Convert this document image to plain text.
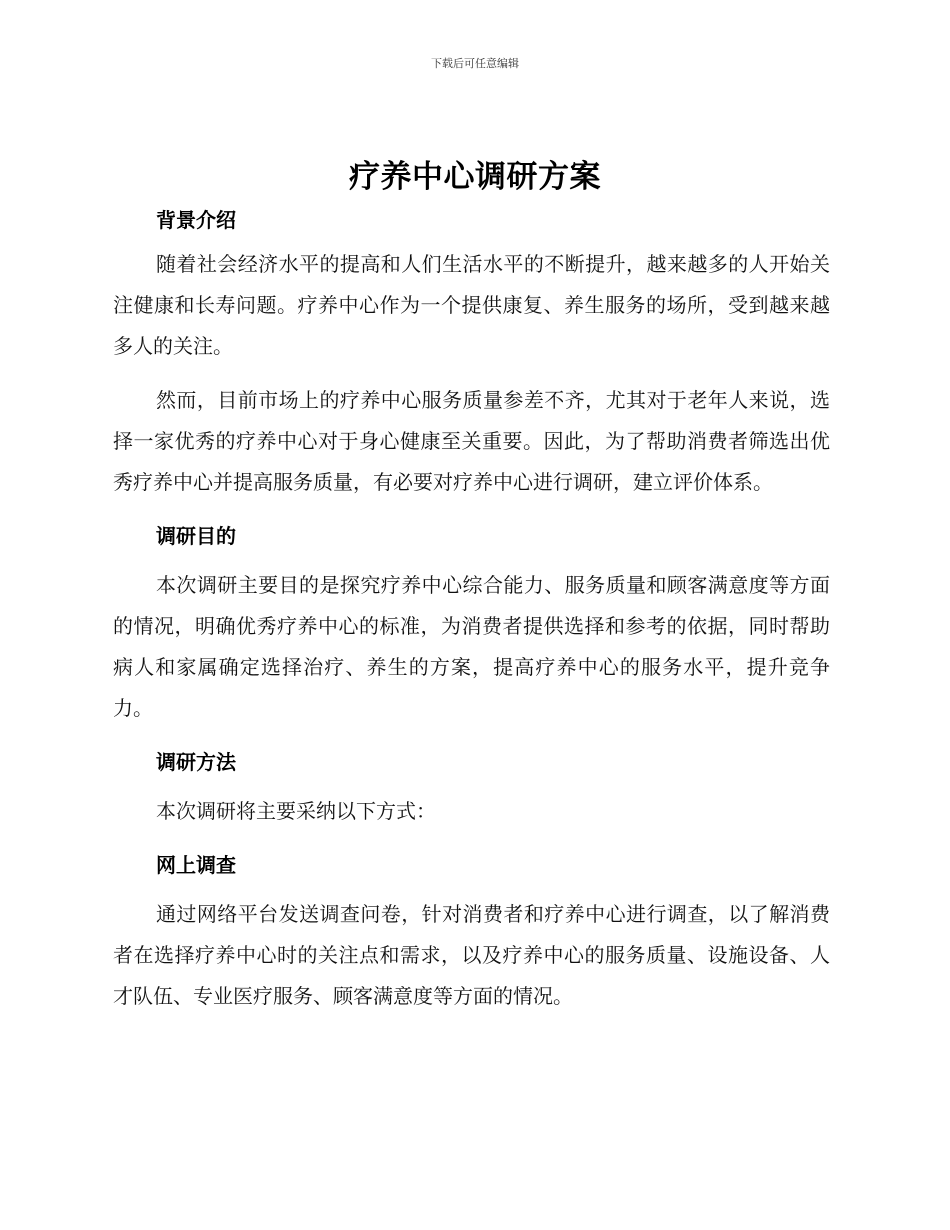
下载后可任意编辑
疗养中心调研方案
背景介绍
随着社会经济水平的提高和人们生活水平的不断提升，越来越多的人开始关注健康和长寿问题。疗养中心作为一个提供康复、养生服务的场所，受到越来越多人的关注。
然而，目前市场上的疗养中心服务质量参差不齐，尤其对于老年人来说，选择一家优秀的疗养中心对于身心健康至关重要。因此，为了帮助消费者筛选出优秀疗养中心并提高服务质量，有必要对疗养中心进行调研，建立评价体系。
调研目的
本次调研主要目的是探究疗养中心综合能力、服务质量和顾客满意度等方面的情况，明确优秀疗养中心的标准，为消费者提供选择和参考的依据，同时帮助病人和家属确定选择治疗、养生的方案，提高疗养中心的服务水平，提升竞争力。
调研方法
本次调研将主要采纳以下方式：
网上调查
通过网络平台发送调查问卷，针对消费者和疗养中心进行调查，以了解消费者在选择疗养中心时的关注点和需求，以及疗养中心的服务质量、设施设备、人才队伍、专业医疗服务、顾客满意度等方面的情况。
